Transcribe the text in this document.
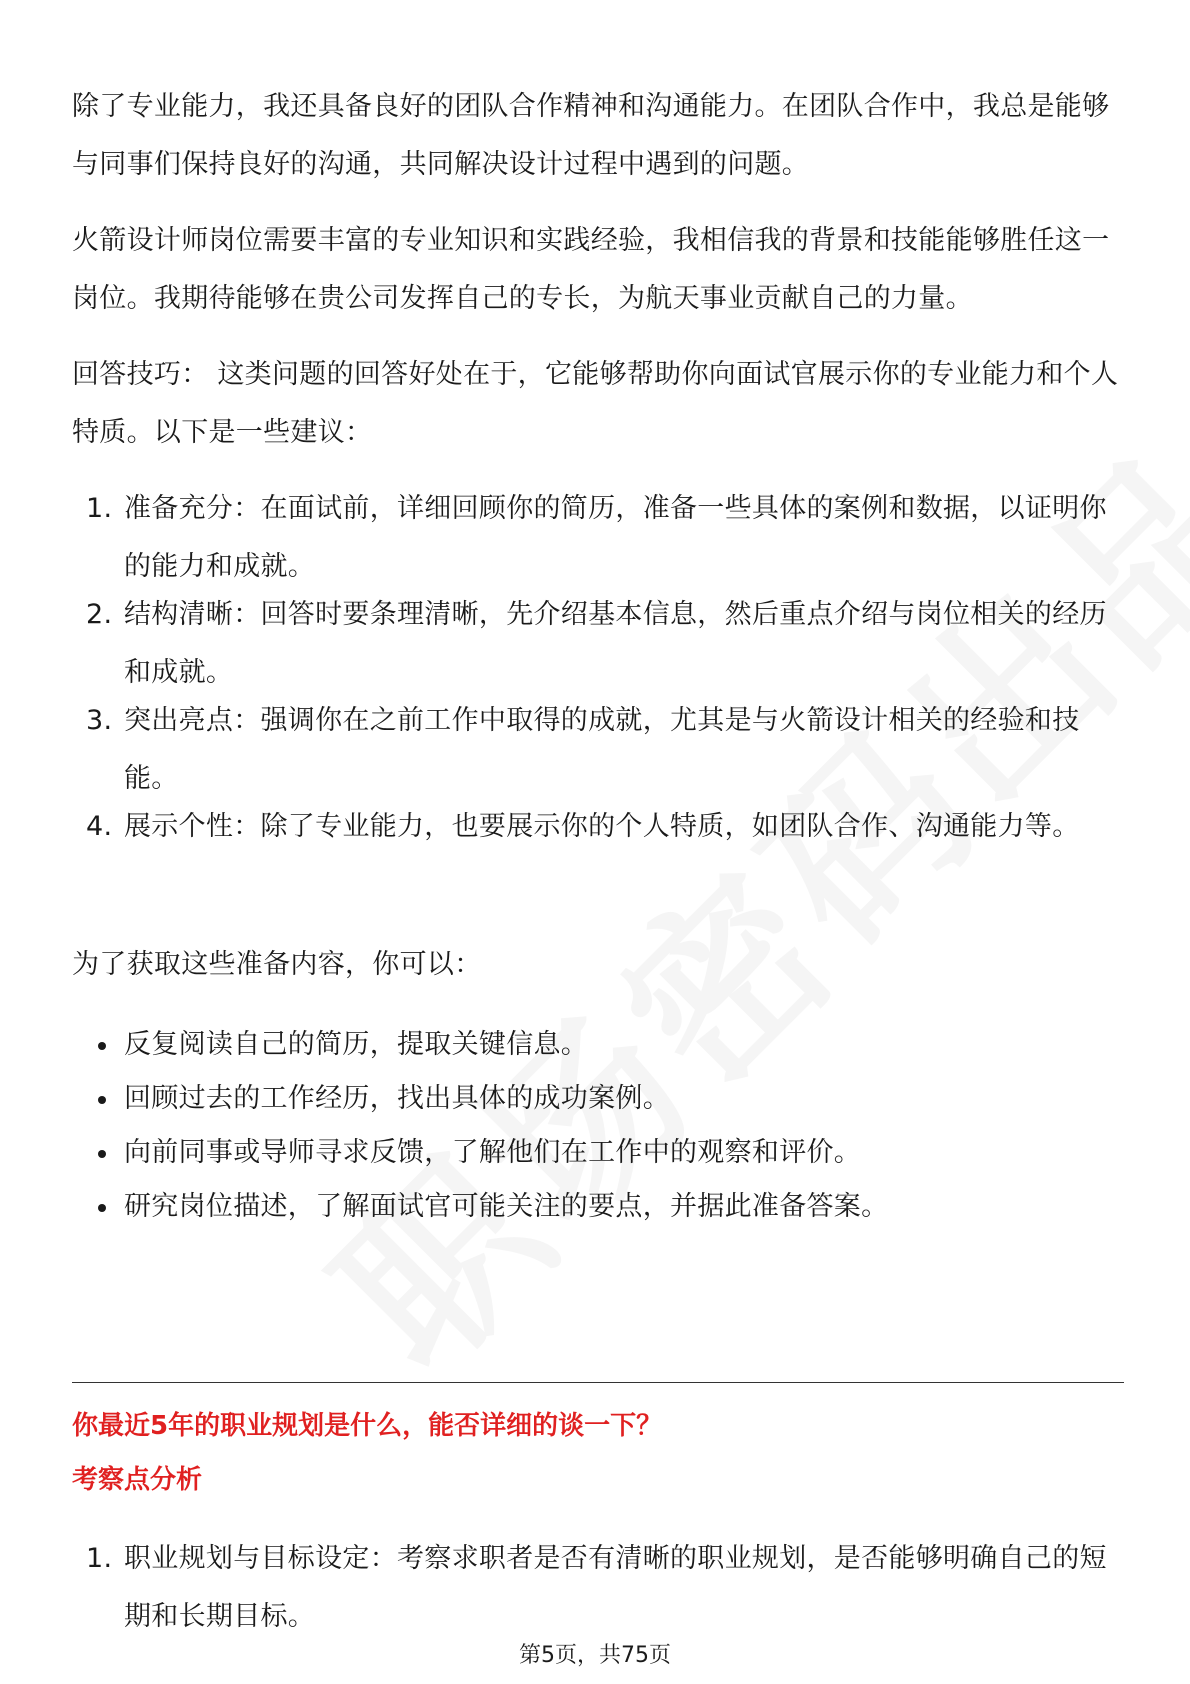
除了专业能力，我还具备良好的团队合作精神和沟通能力。在团队合作中，我总是能够与同事们保持良好的沟通，共同解决设计过程中遇到的问题。

火箭设计师岗位需要丰富的专业知识和实践经验，我相信我的背景和技能能够胜任这一岗位。我期待能够在贵公司发挥自己的专长，为航天事业贡献自己的力量。

回答技巧： 这类问题的回答好处在于，它能够帮助你向面试官展示你的专业能力和个人特质。以下是一些建议：

1. 准备充分：在面试前，详细回顾你的简历，准备一些具体的案例和数据，以证明你的能力和成就。
2. 结构清晰：回答时要条理清晰，先介绍基本信息，然后重点介绍与岗位相关的经历和成就。
3. 突出亮点：强调你在之前工作中取得的成就，尤其是与火箭设计相关的经验和技能。
4. 展示个性：除了专业能力，也要展示你的个人特质，如团队合作、沟通能力等。

为了获取这些准备内容，你可以：

反复阅读自己的简历，提取关键信息。
回顾过去的工作经历，找出具体的成功案例。
向前同事或导师寻求反馈，了解他们在工作中的观察和评价。
研究岗位描述，了解面试官可能关注的要点，并据此准备答案。

你最近5年的职业规划是什么，能否详细的谈一下？

考察点分析

1. 职业规划与目标设定：考察求职者是否有清晰的职业规划，是否能够明确自己的短期和长期目标。
第5页，共75页
